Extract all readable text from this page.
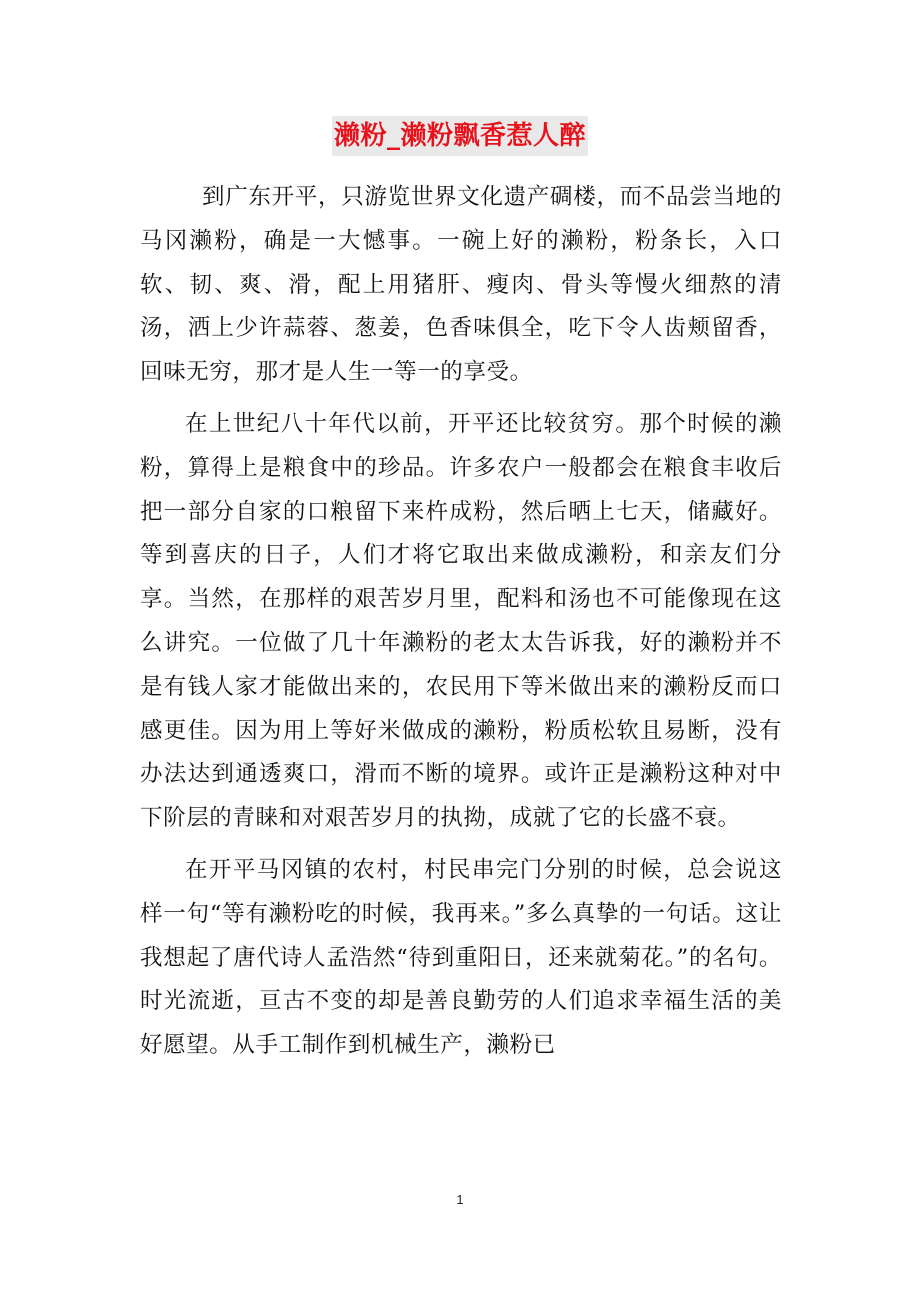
濑粉_濑粉飘香惹人醉

到广东开平，只游览世界文化遗产碉楼，而不品尝当地的马冈濑粉，确是一大憾事。一碗上好的濑粉，粉条长，入口软、韧、爽、滑，配上用猪肝、瘦肉、骨头等慢火细熬的清汤，洒上少许蒜蓉、葱姜，色香味俱全，吃下令人齿颊留香，回味无穷，那才是人生一等一的享受。

在上世纪八十年代以前，开平还比较贫穷。那个时候的濑粉，算得上是粮食中的珍品。许多农户一般都会在粮食丰收后把一部分自家的口粮留下来杵成粉，然后晒上七天，储藏好。等到喜庆的日子，人们才将它取出来做成濑粉，和亲友们分享。当然，在那样的艰苦岁月里，配料和汤也不可能像现在这么讲究。一位做了几十年濑粉的老太太告诉我，好的濑粉并不是有钱人家才能做出来的，农民用下等米做出来的濑粉反而口感更佳。因为用上等好米做成的濑粉，粉质松软且易断，没有办法达到通透爽口，滑而不断的境界。或许正是濑粉这种对中下阶层的青睐和对艰苦岁月的执拗，成就了它的长盛不衰。

在开平马冈镇的农村，村民串完门分别的时候，总会说这样一句“等有濑粉吃的时候，我再来。”多么真挚的一句话。这让我想起了唐代诗人孟浩然“待到重阳日，还来就菊花。”的名句。时光流逝，亘古不变的却是善良勤劳的人们追求幸福生活的美好愿望。从手工制作到机械生产，濑粉已

1
